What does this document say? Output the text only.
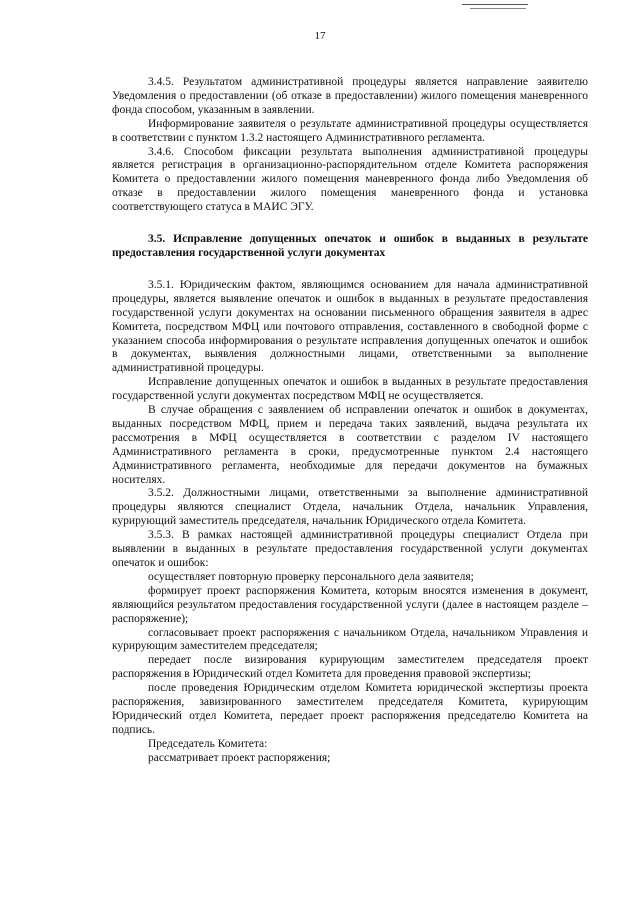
17

3.4.5. Результатом административной процедуры является направление заявителю Уведомления о предоставлении (об отказе в предоставлении) жилого помещения маневренного фонда способом, указанным в заявлении.

Информирование заявителя о результате административной процедуры осуществляется в соответствии с пунктом 1.3.2 настоящего Административного регламента.

3.4.6. Способом фиксации результата выполнения административной процедуры является регистрация в организационно-распорядительном отделе Комитета распоряжения Комитета о предоставлении жилого помещения маневренного фонда либо Уведомления об отказе в предоставлении жилого помещения маневренного фонда и установка соответствующего статуса в МАИС ЭГУ.

3.5. Исправление допущенных опечаток и ошибок в выданных в результате предоставления государственной услуги документах

3.5.1. Юридическим фактом, являющимся основанием для начала административной процедуры, является выявление опечаток и ошибок в выданных в результате предоставления государственной услуги документах на основании письменного обращения заявителя в адрес Комитета, посредством МФЦ или почтового отправления, составленного в свободной форме с указанием способа информирования о результате исправления допущенных опечаток и ошибок в документах, выявления должностными лицами, ответственными за выполнение административной процедуры.

Исправление допущенных опечаток и ошибок в выданных в результате предоставления государственной услуги документах посредством МФЦ не осуществляется.

В случае обращения с заявлением об исправлении опечаток и ошибок в документах, выданных посредством МФЦ, прием и передача таких заявлений, выдача результата их рассмотрения в МФЦ осуществляется в соответствии с разделом IV настоящего Административного регламента в сроки, предусмотренные пунктом 2.4 настоящего Административного регламента, необходимые для передачи документов на бумажных носителях.

3.5.2. Должностными лицами, ответственными за выполнение административной процедуры являются специалист Отдела, начальник Отдела, начальник Управления, курирующий заместитель председателя, начальник Юридического отдела Комитета.

3.5.3. В рамках настоящей административной процедуры специалист Отдела при выявлении в выданных в результате предоставления государственной услуги документах опечаток и ошибок:

осуществляет повторную проверку персонального дела заявителя;

формирует проект распоряжения Комитета, которым вносятся изменения в документ, являющийся результатом предоставления государственной услуги (далее в настоящем разделе – распоряжение);

согласовывает проект распоряжения с начальником Отдела, начальником Управления и курирующим заместителем председателя;

передает после визирования курирующим заместителем председателя проект распоряжения в Юридический отдел Комитета для проведения правовой экспертизы;

после проведения Юридическим отделом Комитета юридической экспертизы проекта распоряжения, завизированного заместителем председателя Комитета, курирующим Юридический отдел Комитета, передает проект распоряжения председателю Комитета на подпись.

Председатель Комитета:

рассматривает проект распоряжения;
